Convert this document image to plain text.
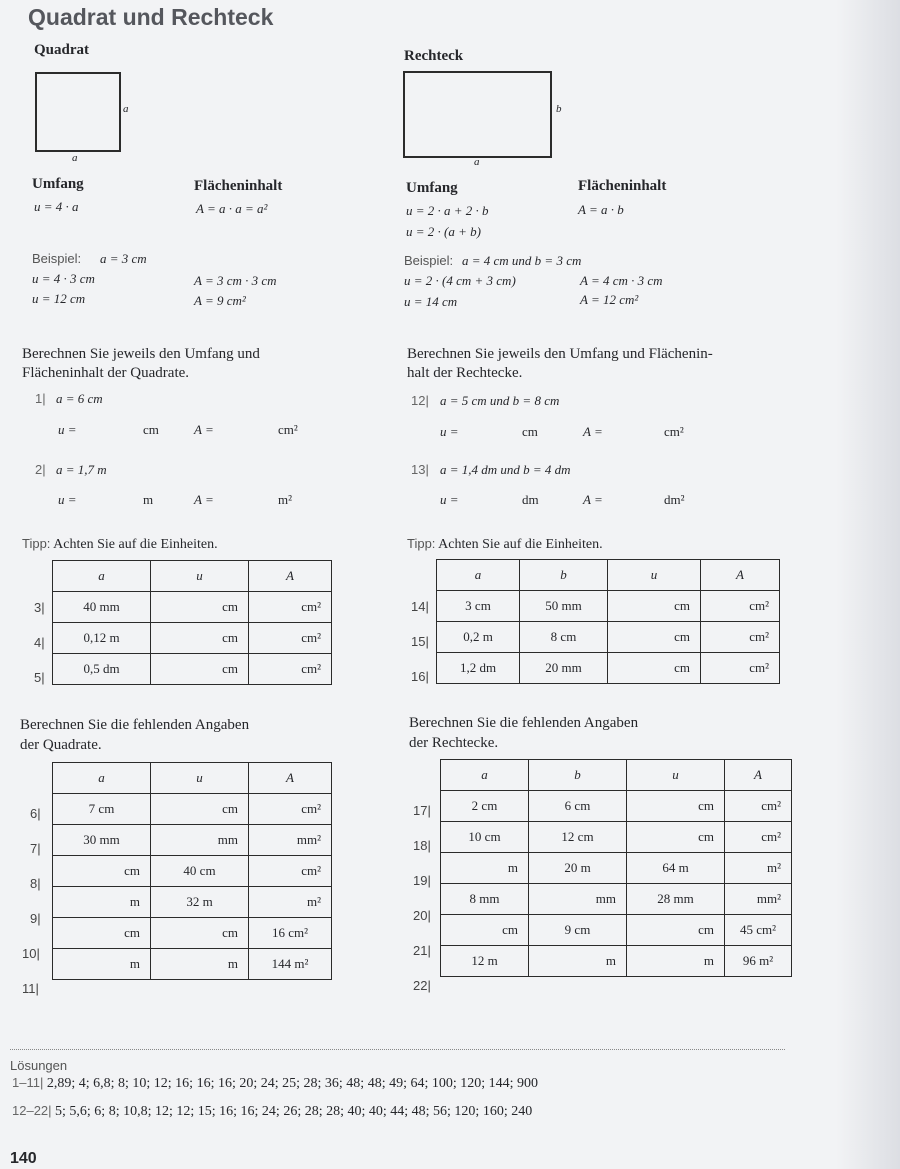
Quadrat und Rechteck
Quadrat
a
a
Umfang	Flächeninhalt
u = 4 · a	A = a · a = a²
Beispiel: a = 3 cm
u = 4 · 3 cm
u = 12 cm
A = 3 cm · 3 cm
A = 9 cm²
Rechteck
b
a
Umfang	Flächeninhalt
u = 2 · a + 2 · b
u = 2 · (a + b)
A = a · b
Beispiel: a = 4 cm und b = 3 cm
u = 2 · (4 cm + 3 cm)
u = 14 cm
A = 4 cm · 3 cm
A = 12 cm²
Berechnen Sie jeweils den Umfang und
Flächeninhalt der Quadrate.
1| a = 6 cm
u =	cm	A =	cm²
2| a = 1,7 m
u =	m	A =	m²
Berechnen Sie jeweils den Umfang und Flächenin-
halt der Rechtecke.
12| a = 5 cm und b = 8 cm
u =	cm	A =	cm²
13| a = 1,4 dm und b = 4 dm
u =	dm	A =	dm²
Tipp: Achten Sie auf die Einheiten.	Tipp: Achten Sie auf die Einheiten.
3|
4|
5|
a	u	A
40 mm	cm	cm²
0,12 m	cm	cm²
0,5 dm	cm	cm²
14|
15|
16|
a	b	u	A
3 cm	50 mm	cm	cm²
0,2 m	8 cm	cm	cm²
1,2 dm	20 mm	cm	cm²
Berechnen Sie die fehlenden Angaben
der Quadrate.
Berechnen Sie die fehlenden Angaben
der Rechtecke.
6|
7|
8|
9|
10|
11|
a	u	A
7 cm	cm	cm²
30 mm	mm	mm²
cm	40 cm	cm²
m	32 m	m²
cm	cm	16 cm²
m	m	144 m²
17|
18|
19|
20|
21|
22|
a	b	u	A
2 cm	6 cm	cm	cm²
10 cm	12 cm	cm	cm²
m	20 m	64 m	m²
8 mm	mm	28 mm	mm²
cm	9 cm	cm	45 cm²
12 m	m	m	96 m²
Lösungen
1–11| 2,89; 4; 6,8; 8; 10; 12; 16; 16; 16; 20; 24; 25; 28; 36; 48; 48; 49; 64; 100; 120; 144; 900
12–22| 5; 5,6; 6; 8; 10,8; 12; 12; 15; 16; 16; 24; 26; 28; 28; 40; 40; 44; 48; 56; 120; 160; 240
140
